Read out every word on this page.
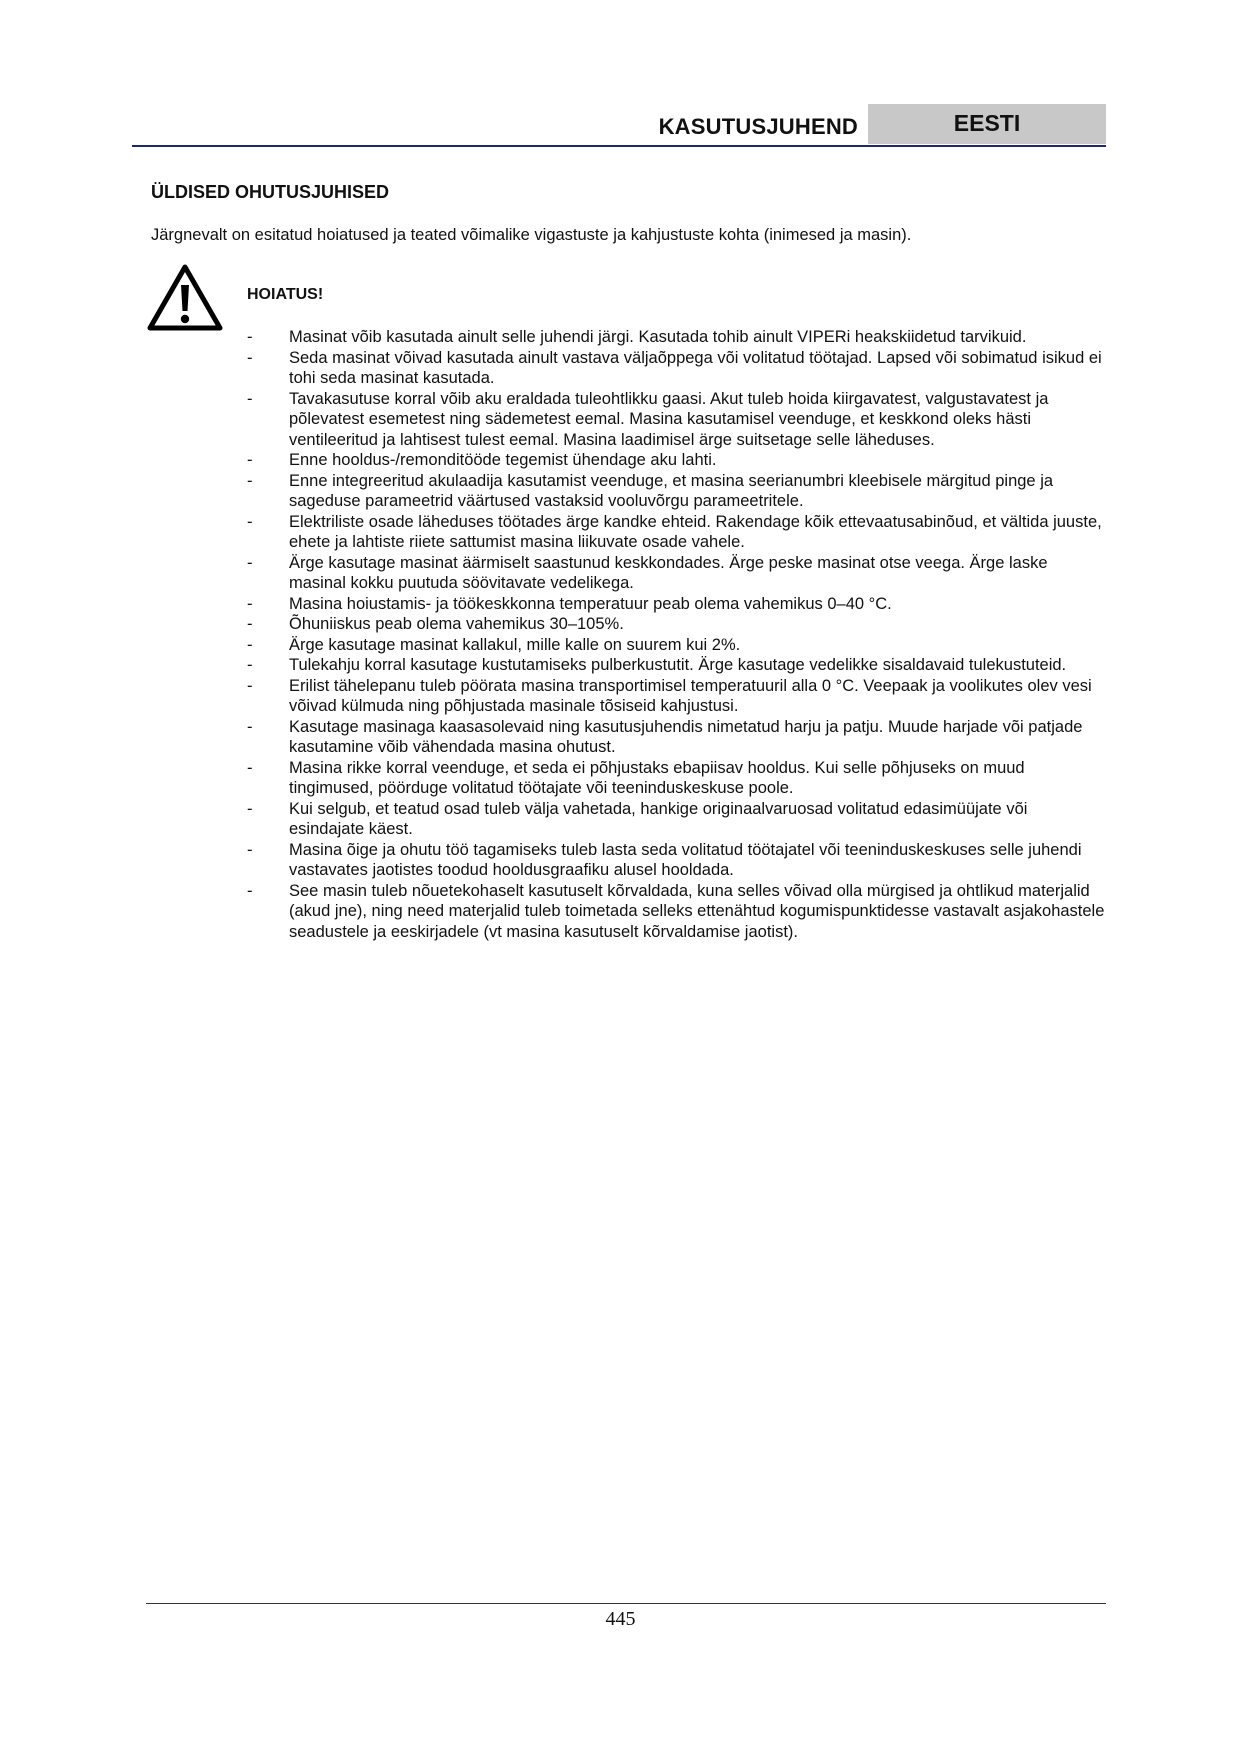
KASUTUSJUHEND	EESTI
ÜLDISED OHUTUSJUHISED
Järgnevalt on esitatud hoiatused ja teated võimalike vigastuste ja kahjustuste kohta (inimesed ja masin).
HOIATUS!
-	Masinat võib kasutada ainult selle juhendi järgi. Kasutada tohib ainult VIPERi heakskiidetud tarvikuid.
-	Seda masinat võivad kasutada ainult vastava väljaõppega või volitatud töötajad. Lapsed või sobimatud isikud ei tohi seda masinat kasutada.
-	Tavakasutuse korral võib aku eraldada tuleohtlikku gaasi. Akut tuleb hoida kiirgavatest, valgustavatest ja põlevatest esemetest ning sädemetest eemal. Masina kasutamisel veenduge, et keskkond oleks hästi ventileeritud ja lahtisest tulest eemal. Masina laadimisel ärge suitsetage selle läheduses.
-	Enne hooldus-/remonditööde tegemist ühendage aku lahti.
-	Enne integreeritud akulaadija kasutamist veenduge, et masina seerianumbri kleebisele märgitud pinge ja sageduse parameetrid väärtused vastaksid vooluvõrgu parameetritele.
-	Elektriliste osade läheduses töötades ärge kandke ehteid. Rakendage kõik ettevaatusabinõud, et vältida juuste, ehete ja lahtiste riiete sattumist masina liikuvate osade vahele.
-	Ärge kasutage masinat äärmiselt saastunud keskkondades. Ärge peske masinat otse veega. Ärge laske masinal kokku puutuda söövitavate vedelikega.
-	Masina hoiustamis- ja töökeskkonna temperatuur peab olema vahemikus 0–40 °C.
-	Õhuniiskus peab olema vahemikus 30–105%.
-	Ärge kasutage masinat kallakul, mille kalle on suurem kui 2%.
-	Tulekahju korral kasutage kustutamiseks pulberkustutit. Ärge kasutage vedelikke sisaldavaid tulekustuteid.
-	Erilist tähelepanu tuleb pöörata masina transportimisel temperatuuril alla 0 °C. Veepaak ja voolikutes olev vesi võivad külmuda ning põhjustada masinale tõsiseid kahjustusi.
-	Kasutage masinaga kaasasolevaid ning kasutusjuhendis nimetatud harju ja patju. Muude harjade või patjade kasutamine võib vähendada masina ohutust.
-	Masina rikke korral veenduge, et seda ei põhjustaks ebapiisav hooldus. Kui selle põhjuseks on muud tingimused, pöörduge volitatud töötajate või teeninduskeskuse poole.
-	Kui selgub, et teatud osad tuleb välja vahetada, hankige originaalvaruosad volitatud edasimüüjate või esindajate käest.
-	Masina õige ja ohutu töö tagamiseks tuleb lasta seda volitatud töötajatel või teeninduskeskuses selle juhendi vastavates jaotistes toodud hooldusgraafiku alusel hooldada.
-	See masin tuleb nõuetekohaselt kasutuselt kõrvaldada, kuna selles võivad olla mürgised ja ohtlikud materjalid (akud jne), ning need materjalid tuleb toimetada selleks ettenähtud kogumispunktidesse vastavalt asjakohastele seadustele ja eeskirjadele (vt masina kasutuselt kõrvaldamise jaotist).
445
